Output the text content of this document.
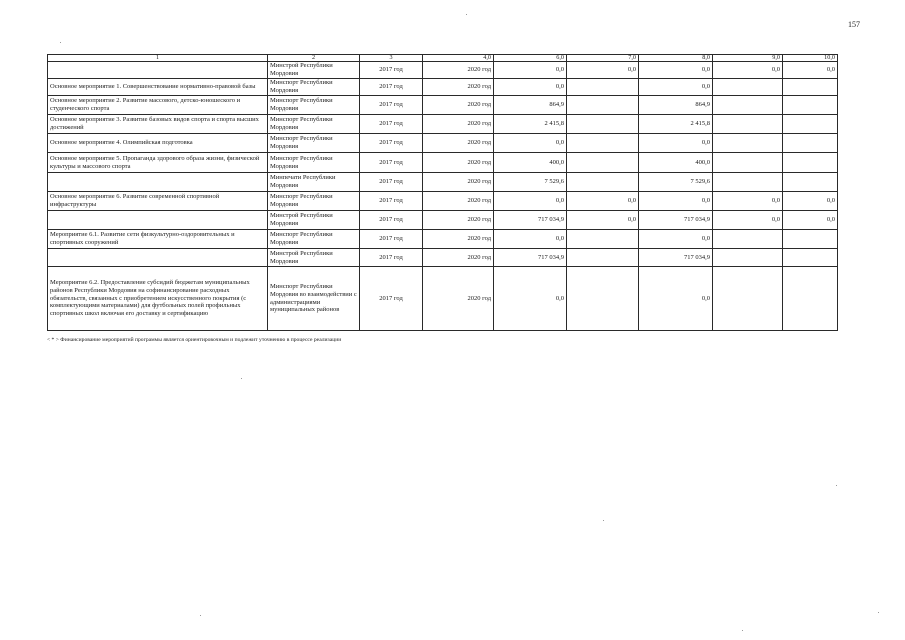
157
1	2	3	4,0	6,0	7,0	8,0	9,0	10,0
	Минстрой Республики Мордовия	2017 год	2020 год	0,0	0,0	0,0	0,0	0,0
Основное мероприятие 1. Совершенствование нормативно-правовой базы	Минспорт Республики Мордовия	2017 год	2020 год	0,0		0,0		
Основное мероприятие 2. Развитие массового, детско-юношеского и студенческого спорта	Минспорт Республики Мордовия	2017 год	2020 год	864,9		864,9		
Основное мероприятие 3. Развитие базовых видов спорта и спорта высших достижений	Минспорт Республики Мордовия	2017 год	2020 год	2 415,8		2 415,8		
Основное мероприятие 4. Олимпийская подготовка	Минспорт Республики Мордовия	2017 год	2020 год	0,0		0,0		
Основное мероприятие 5. Пропаганда здорового образа жизни, физической культуры и массового спорта	Минспорт Республики Мордовия	2017 год	2020 год	400,0		400,0		
	Минпечати Республики Мордовия	2017 год	2020 год	7 529,6		7 529,6		
Основное мероприятие 6. Развитие современной спортивной инфраструктуры	Минспорт Республики Мордовия	2017 год	2020 год	0,0	0,0	0,0	0,0	0,0
	Минстрой Республики Мордовия	2017 год	2020 год	717 034,9	0,0	717 034,9	0,0	0,0
Мероприятие 6.1. Развитие сети физкультурно-оздоровительных и спортивных сооружений	Минспорт Республики Мордовия	2017 год	2020 год	0,0		0,0		
	Минстрой Республики Мордовия	2017 год	2020 год	717 034,9		717 034,9		
Мероприятие 6.2. Предоставление субсидий бюджетам муниципальных районов Республики Мордовия на софинансирование расходных обязательств, связанных с приобретением искусственного покрытия (с комплектующими материалами) для футбольных полей профильных спортивных школ включая его доставку и сертификацию	Минспорт Республики Мордовия во взаимодействии с администрациями муниципальных районов	2017 год	2020 год	0,0		0,0		
< * > Финансирование мероприятий программы является ориентировочным и подлежит уточнению в процессе реализации
